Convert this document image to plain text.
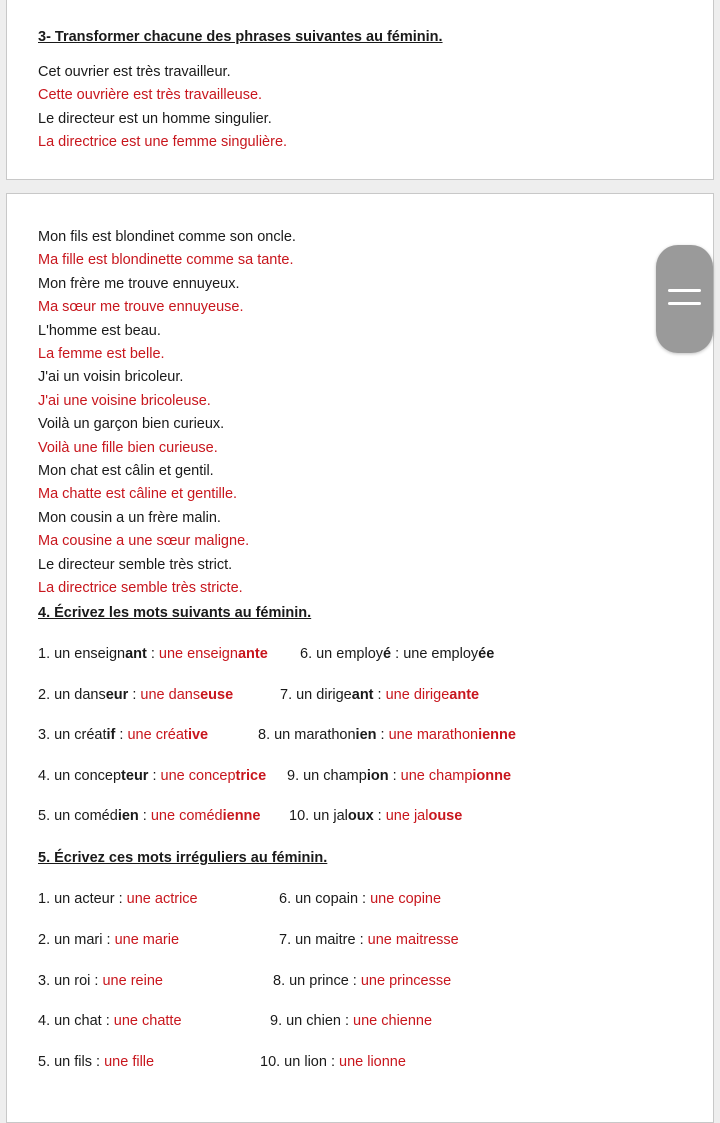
3- Transformer chacune des phrases suivantes au féminin.
Cet ouvrier est très travailleur.
Cette ouvrière est très travailleuse.
Le directeur est un homme singulier.
La directrice est une femme singulière.
Mon fils est blondinet comme son oncle.
Ma fille est blondinette comme sa tante.
Mon frère me trouve ennuyeux.
Ma sœur me trouve ennuyeuse.
L'homme est beau.
La femme est belle.
J'ai un voisin bricoleur.
J'ai une voisine bricoleuse.
Voilà un garçon bien curieux.
Voilà une fille bien curieuse.
Mon chat est câlin et gentil.
Ma chatte est câline et gentille.
Mon cousin a un frère malin.
Ma cousine a une sœur maligne.
Le directeur semble très strict.
La directrice semble très stricte.
4. Écrivez les mots suivants au féminin.
1. un enseignant : une enseignante 6. un employé : une employée
2. un danseur : une danseuse	7. un dirigeant : une dirigeante
3. un créatif : une créative	8. un marathonien : une marathonienne
4. un concepteur : une conceptrice 9. un champion : une championne
5. un comédien : une comédienne 10. un jaloux : une jalouse
5. Écrivez ces mots irréguliers au féminin.
1. un acteur : une actrice	6. un copain : une copine
2. un mari : une marie	7. un maitre : une maitresse
3. un roi : une reine	8. un prince : une princesse
4. un chat : une chatte	9. un chien : une chienne
5. un fils : une fille	10. un lion : une lionne
